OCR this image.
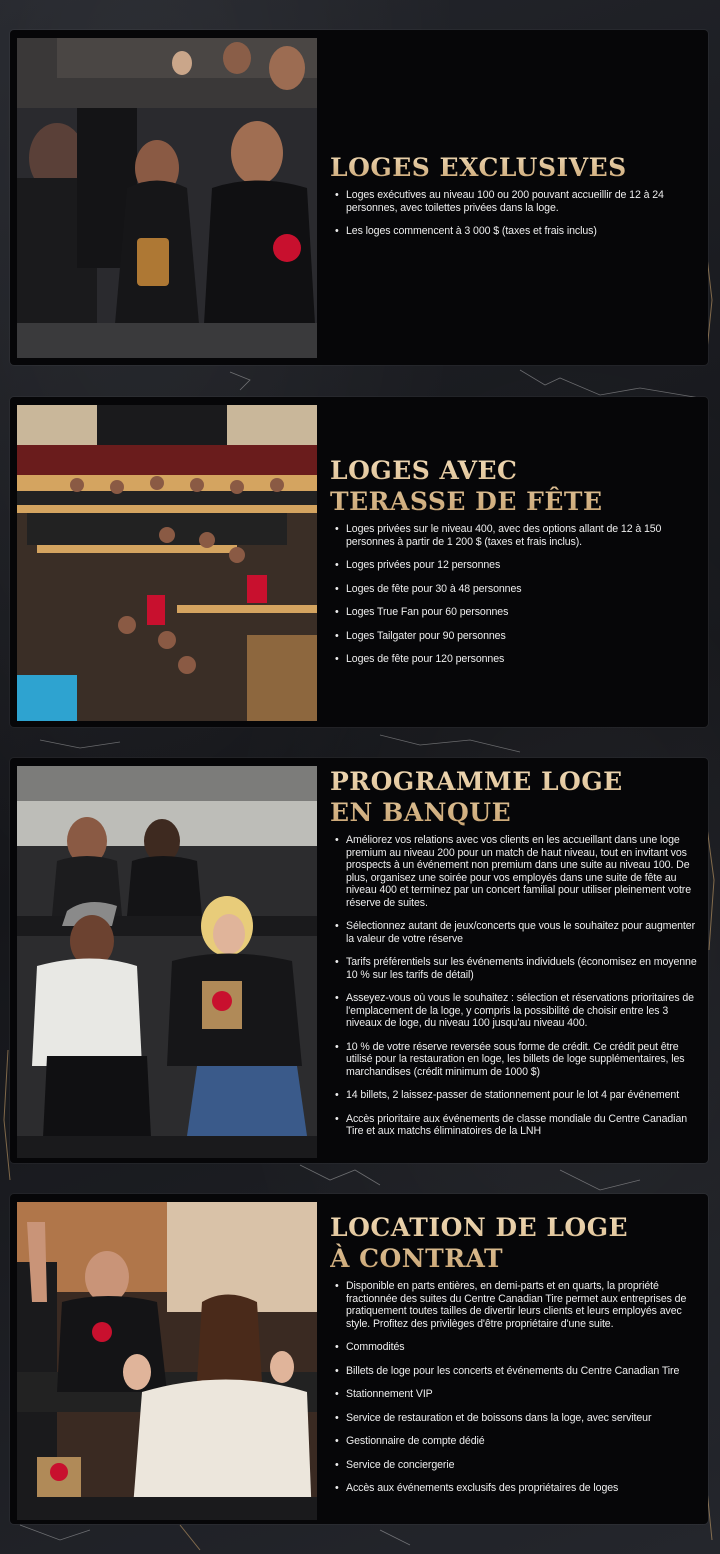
LOGES EXCLUSIVES
• Loges exécutives au niveau 100 ou 200 pouvant accueillir de 12 à 24 personnes, avec toilettes privées dans la loge.
• Les loges commencent à 3 000 $ (taxes et frais inclus)
LOGES AVEC
TERASSE DE FÊTE
• Loges privées sur le niveau 400, avec des options allant de 12 à 150 personnes à partir de 1 200 $ (taxes et frais inclus).
• Loges privées pour 12 personnes
• Loges de fête pour 30 à 48 personnes
• Loges True Fan pour 60 personnes
• Loges Tailgater pour 90 personnes
• Loges de fête pour 120 personnes
PROGRAMME LOGE
EN BANQUE
• Améliorez vos relations avec vos clients en les accueillant dans une loge premium au niveau 200 pour un match de haut niveau, tout en invitant vos prospects à un événement non premium dans une suite au niveau 100. De plus, organisez une soirée pour vos employés dans une suite de fête au niveau 400 et terminez par un concert familial pour utiliser pleinement votre réserve de suites.
• Sélectionnez autant de jeux/concerts que vous le souhaitez pour augmenter la valeur de votre réserve
• Tarifs préférentiels sur les événements individuels (économisez en moyenne 10 % sur les tarifs de détail)
• Asseyez-vous où vous le souhaitez : sélection et réservations prioritaires de l'emplacement de la loge, y compris la possibilité de choisir entre les 3 niveaux de loge, du niveau 100 jusqu'au niveau 400.
• 10 % de votre réserve reversée sous forme de crédit. Ce crédit peut être utilisé pour la restauration en loge, les billets de loge supplémentaires, les marchandises (crédit minimum de 1000 $)
• 14 billets, 2 laissez-passer de stationnement pour le lot 4 par événement
• Accès prioritaire aux événements de classe mondiale du Centre Canadian Tire et aux matchs éliminatoires de la LNH
LOCATION DE LOGE
À CONTRAT
• Disponible en parts entières, en demi-parts et en quarts, la propriété fractionnée des suites du Centre Canadian Tire permet aux entreprises de pratiquement toutes tailles de divertir leurs clients et leurs employés avec style. Profitez des privilèges d'être propriétaire d'une suite.
• Commodités
• Billets de loge pour les concerts et événements du Centre Canadian Tire
• Stationnement VIP
• Service de restauration et de boissons dans la loge, avec serviteur
• Gestionnaire de compte dédié
• Service de conciergerie
• Accès aux événements exclusifs des propriétaires de loges
